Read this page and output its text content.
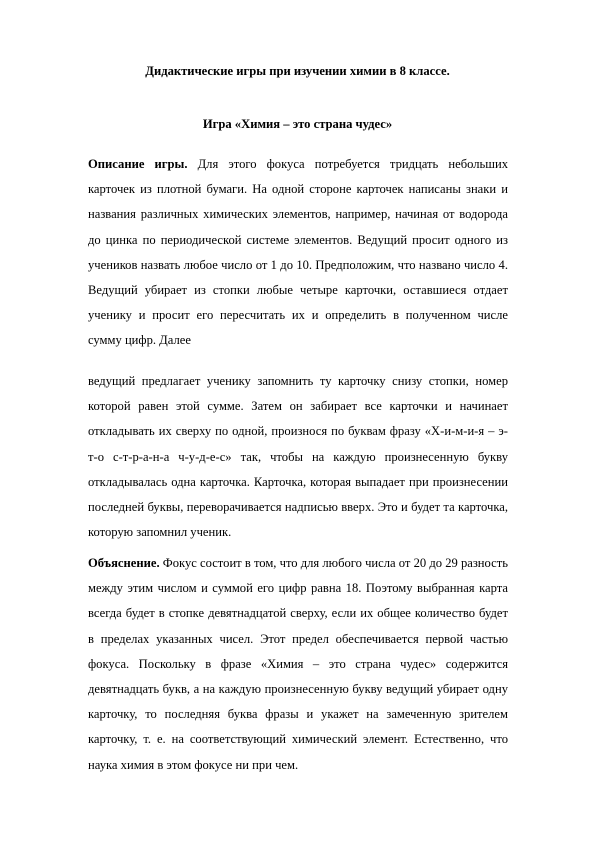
Дидактические игры при изучении химии в 8 классе.
Игра «Химия – это страна чудес»

Описание игры. Для этого фокуса потребуется тридцать небольших карточек из плотной бумаги. На одной стороне карточек написаны знаки и названия различных химических элементов, например, начиная от водорода до цинка по периодической системе элементов. Ведущий просит одного из учеников назвать любое число от 1 до 10. Предположим, что названо число 4. Ведущий убирает из стопки любые четыре карточки, оставшиеся отдает ученику и просит его пересчитать их и определить в полученном числе сумму цифр. Далее

ведущий предлагает ученику запомнить ту карточку снизу стопки, номер которой равен этой сумме. Затем он забирает все карточки и начинает откладывать их сверху по одной, произнося по буквам фразу «Х-и-м-и-я – э-т-о с-т-р-а-н-а ч-у-д-е-с» так, чтобы на каждую произнесенную букву откладывалась одна карточка. Карточка, которая выпадает при произнесении последней буквы, переворачивается надписью вверх. Это и будет та карточка, которую запомнил ученик.

Объяснение. Фокус состоит в том, что для любого числа от 20 до 29 разность между этим числом и суммой его цифр равна 18. Поэтому выбранная карта всегда будет в стопке девятнадцатой сверху, если их общее количество будет в пределах указанных чисел. Этот предел обеспечивается первой частью фокуса. Поскольку в фразе «Химия – это страна чудес» содержится девятнадцать букв, а на каждую произнесенную букву ведущий убирает одну карточку, то последняя буква фразы и укажет на замеченную зрителем карточку, т. е. на соответствующий химический элемент. Естественно, что наука химия в этом фокусе ни при чем.
